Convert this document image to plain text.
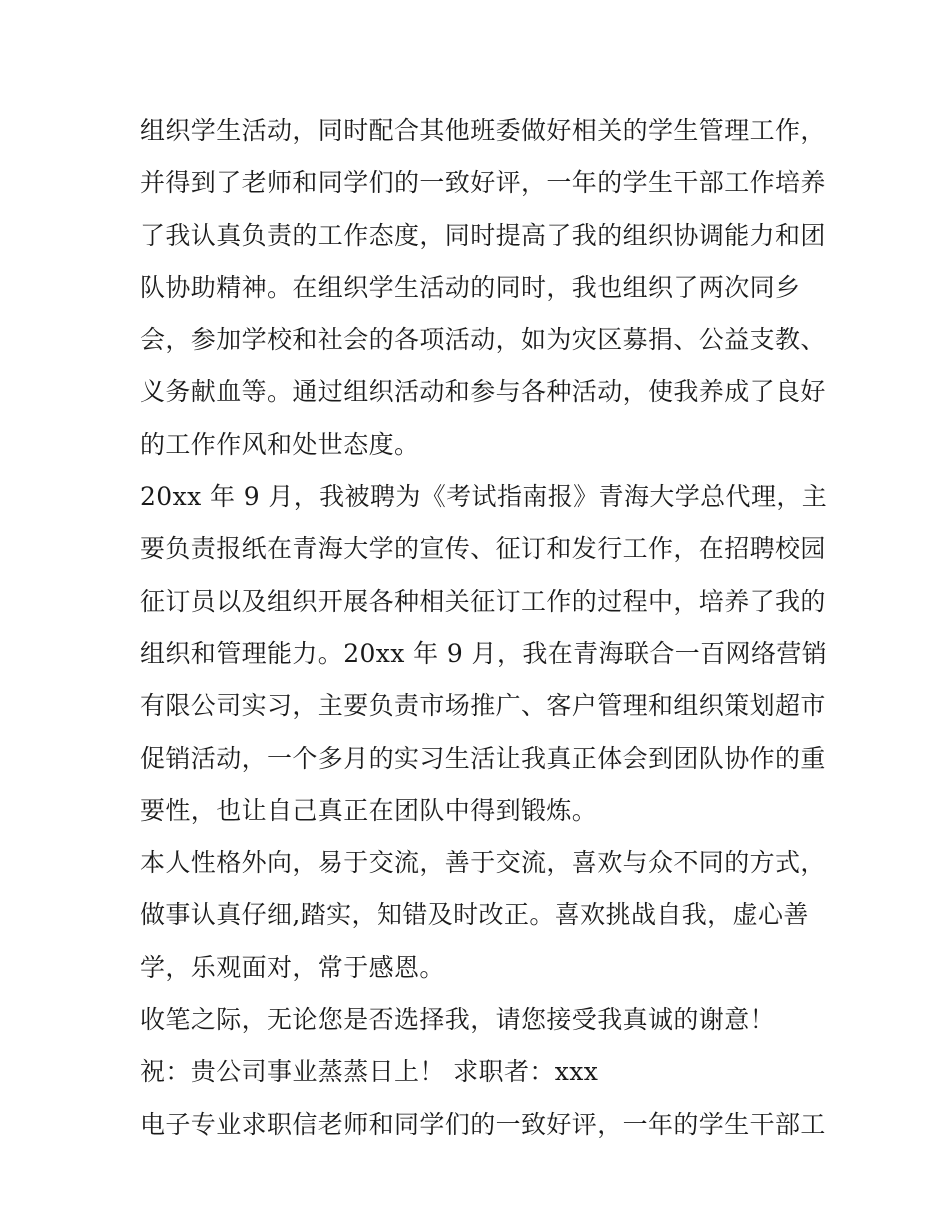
组织学生活动，同时配合其他班委做好相关的学生管理工作，
并得到了老师和同学们的一致好评，一年的学生干部工作培养
了我认真负责的工作态度，同时提高了我的组织协调能力和团
队协助精神。在组织学生活动的同时，我也组织了两次同乡
会，参加学校和社会的各项活动，如为灾区募捐、公益支教、
义务献血等。通过组织活动和参与各种活动，使我养成了良好
的工作作风和处世态度。
20xx 年 9 月，我被聘为《考试指南报》青海大学总代理，主
要负责报纸在青海大学的宣传、征订和发行工作，在招聘校园
征订员以及组织开展各种相关征订工作的过程中，培养了我的
组织和管理能力。20xx 年 9 月，我在青海联合一百网络营销
有限公司实习，主要负责市场推广、客户管理和组织策划超市
促销活动，一个多月的实习生活让我真正体会到团队协作的重
要性，也让自己真正在团队中得到锻炼。
本人性格外向，易于交流，善于交流，喜欢与众不同的方式，
做事认真仔细,踏实，知错及时改正。喜欢挑战自我，虚心善
学，乐观面对，常于感恩。
收笔之际，无论您是否选择我，请您接受我真诚的谢意！
祝：贵公司事业蒸蒸日上！ 求职者：xxx
电子专业求职信老师和同学们的一致好评，一年的学生干部工
